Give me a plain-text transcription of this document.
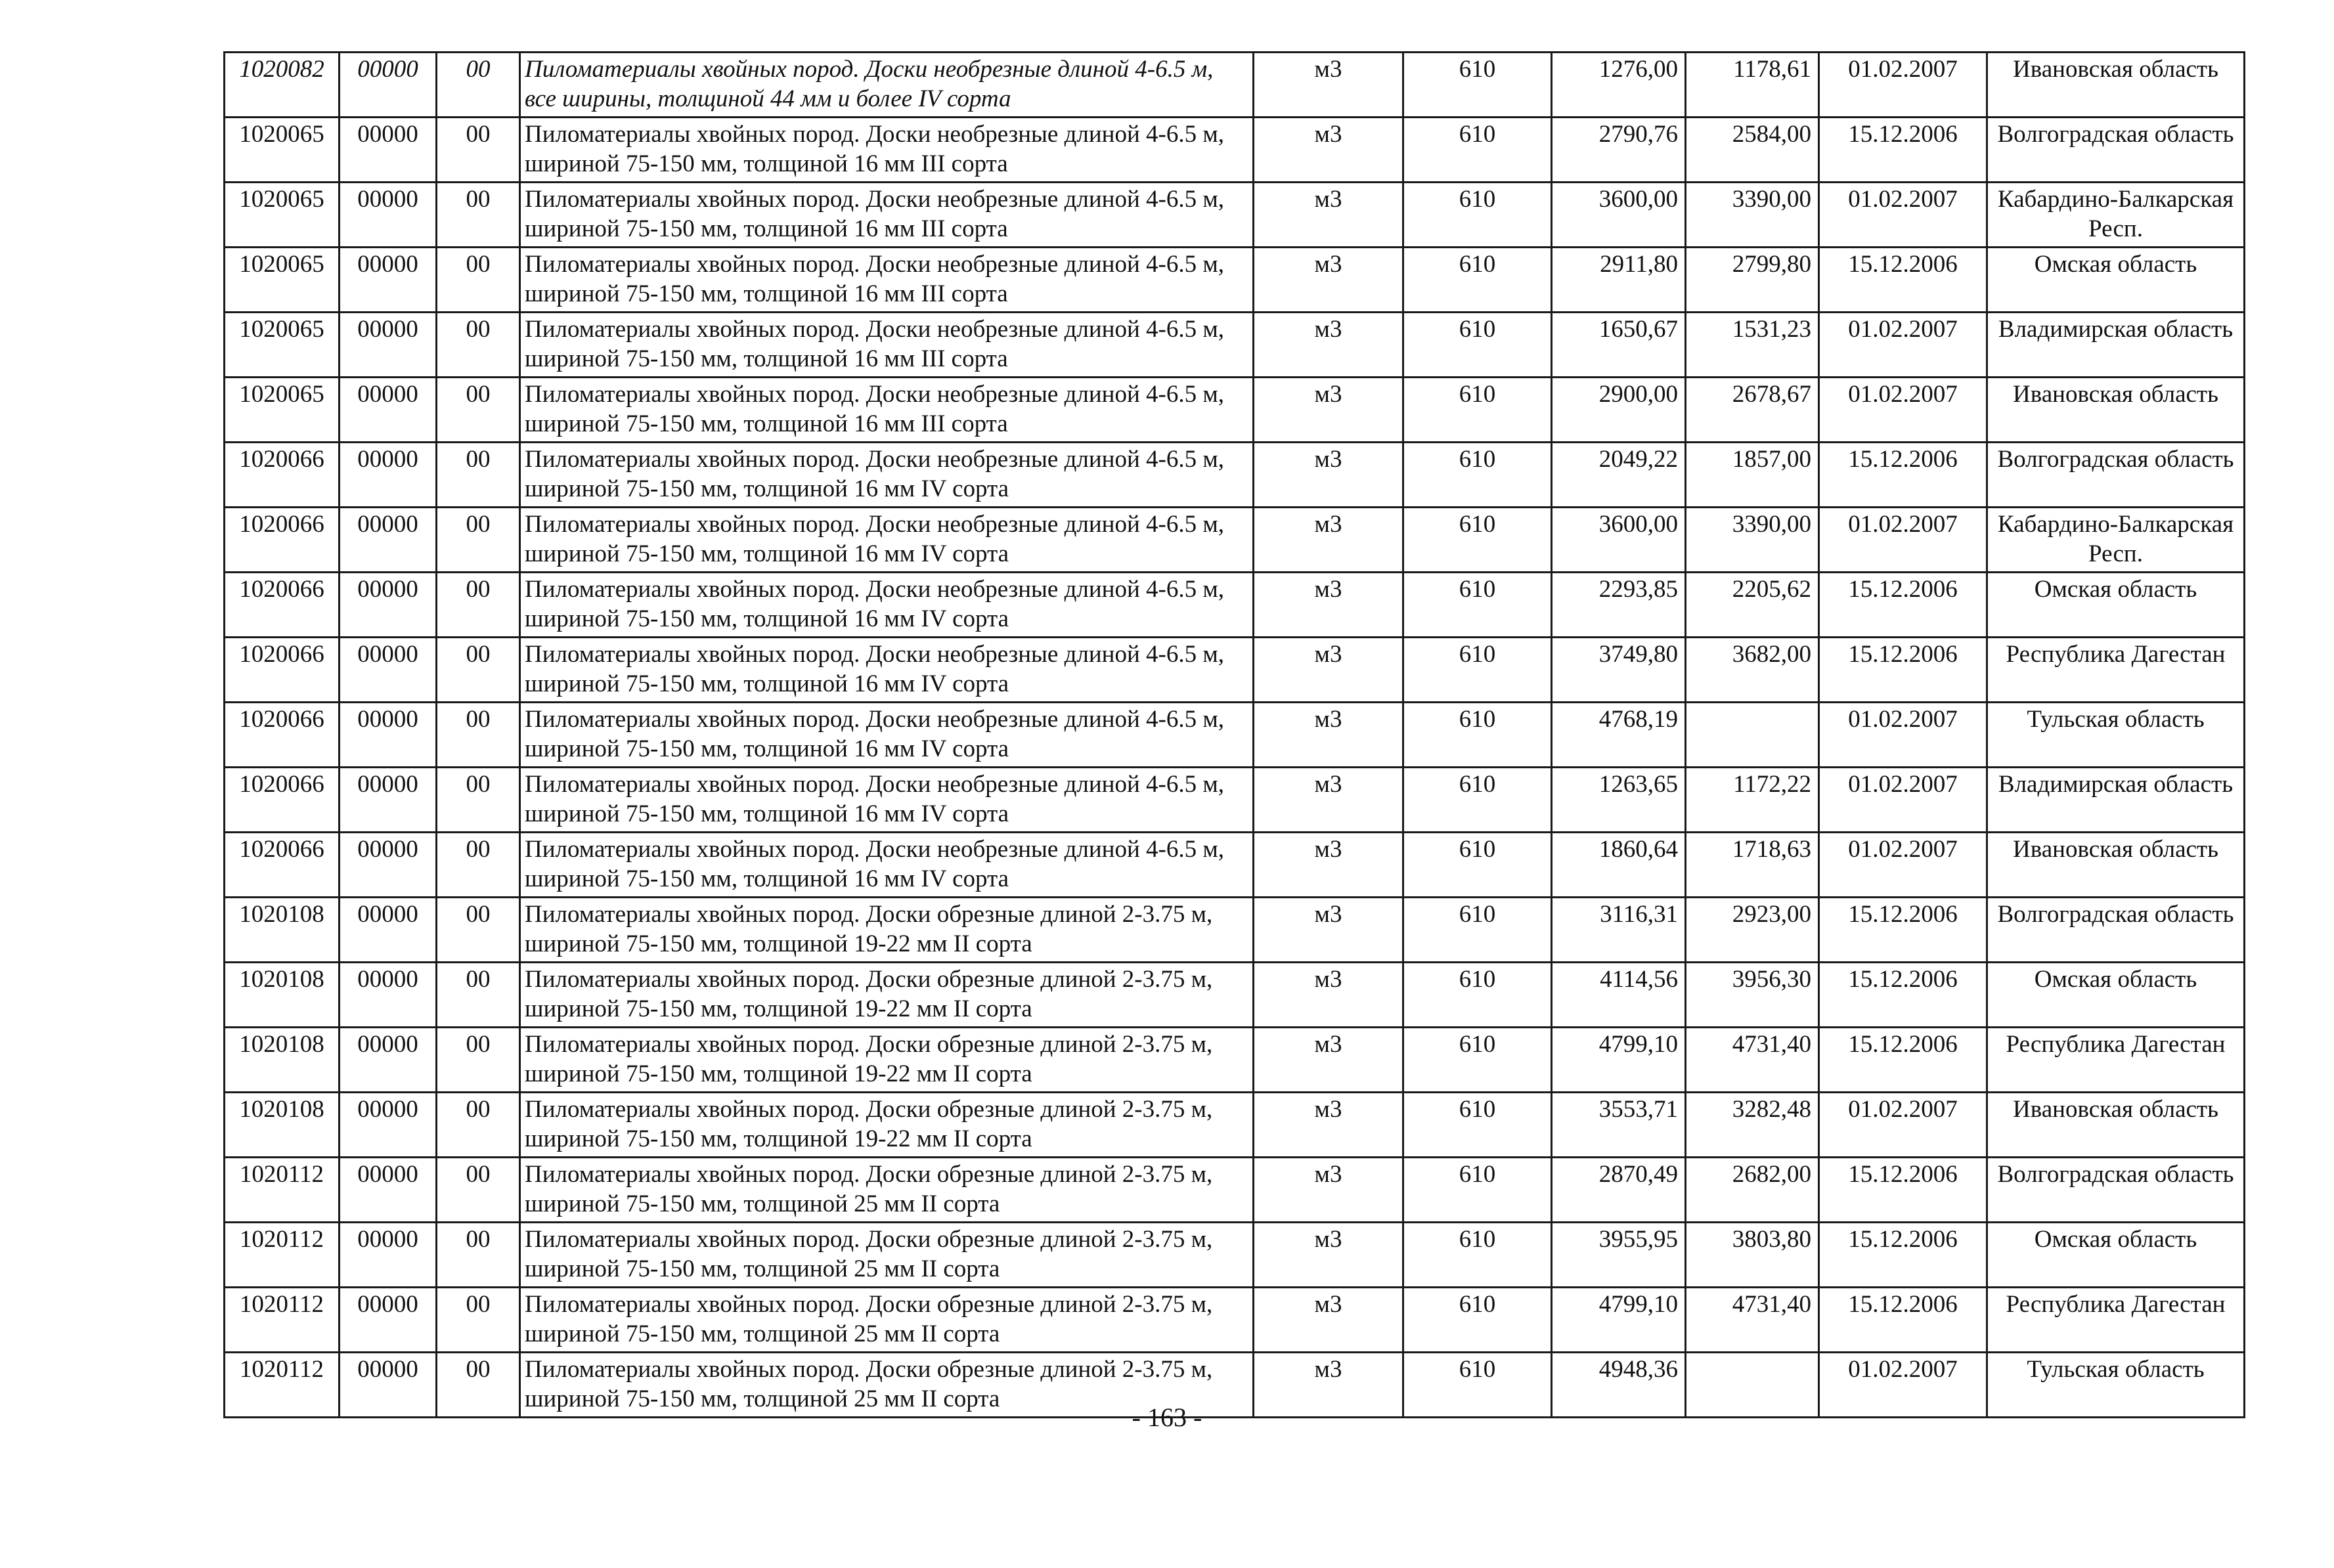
1020082	00000	00	Пиломатериалы хвойных пород. Доски необрезные длиной 4-6.5 м, все ширины, толщиной 44 мм и более IV сорта	м3	610	1276,00	1178,61	01.02.2007	Ивановская область
1020065	00000	00	Пиломатериалы хвойных пород. Доски необрезные длиной 4-6.5 м, шириной 75-150 мм, толщиной 16 мм III сорта	м3	610	2790,76	2584,00	15.12.2006	Волгоградская область
1020065	00000	00	Пиломатериалы хвойных пород. Доски необрезные длиной 4-6.5 м, шириной 75-150 мм, толщиной 16 мм III сорта	м3	610	3600,00	3390,00	01.02.2007	Кабардино-Балкарская Респ.
1020065	00000	00	Пиломатериалы хвойных пород. Доски необрезные длиной 4-6.5 м, шириной 75-150 мм, толщиной 16 мм III сорта	м3	610	2911,80	2799,80	15.12.2006	Омская область
1020065	00000	00	Пиломатериалы хвойных пород. Доски необрезные длиной 4-6.5 м, шириной 75-150 мм, толщиной 16 мм III сорта	м3	610	1650,67	1531,23	01.02.2007	Владимирская область
1020065	00000	00	Пиломатериалы хвойных пород. Доски необрезные длиной 4-6.5 м, шириной 75-150 мм, толщиной 16 мм III сорта	м3	610	2900,00	2678,67	01.02.2007	Ивановская область
1020066	00000	00	Пиломатериалы хвойных пород. Доски необрезные длиной 4-6.5 м, шириной 75-150 мм, толщиной 16 мм IV сорта	м3	610	2049,22	1857,00	15.12.2006	Волгоградская область
1020066	00000	00	Пиломатериалы хвойных пород. Доски необрезные длиной 4-6.5 м, шириной 75-150 мм, толщиной 16 мм IV сорта	м3	610	3600,00	3390,00	01.02.2007	Кабардино-Балкарская Респ.
1020066	00000	00	Пиломатериалы хвойных пород. Доски необрезные длиной 4-6.5 м, шириной 75-150 мм, толщиной 16 мм IV сорта	м3	610	2293,85	2205,62	15.12.2006	Омская область
1020066	00000	00	Пиломатериалы хвойных пород. Доски необрезные длиной 4-6.5 м, шириной 75-150 мм, толщиной 16 мм IV сорта	м3	610	3749,80	3682,00	15.12.2006	Республика Дагестан
1020066	00000	00	Пиломатериалы хвойных пород. Доски необрезные длиной 4-6.5 м, шириной 75-150 мм, толщиной 16 мм IV сорта	м3	610	4768,19		01.02.2007	Тульская область
1020066	00000	00	Пиломатериалы хвойных пород. Доски необрезные длиной 4-6.5 м, шириной 75-150 мм, толщиной 16 мм IV сорта	м3	610	1263,65	1172,22	01.02.2007	Владимирская область
1020066	00000	00	Пиломатериалы хвойных пород. Доски необрезные длиной 4-6.5 м, шириной 75-150 мм, толщиной 16 мм IV сорта	м3	610	1860,64	1718,63	01.02.2007	Ивановская область
1020108	00000	00	Пиломатериалы хвойных пород. Доски обрезные длиной 2-3.75 м, шириной 75-150 мм, толщиной 19-22 мм II сорта	м3	610	3116,31	2923,00	15.12.2006	Волгоградская область
1020108	00000	00	Пиломатериалы хвойных пород. Доски обрезные длиной 2-3.75 м, шириной 75-150 мм, толщиной 19-22 мм II сорта	м3	610	4114,56	3956,30	15.12.2006	Омская область
1020108	00000	00	Пиломатериалы хвойных пород. Доски обрезные длиной 2-3.75 м, шириной 75-150 мм, толщиной 19-22 мм II сорта	м3	610	4799,10	4731,40	15.12.2006	Республика Дагестан
1020108	00000	00	Пиломатериалы хвойных пород. Доски обрезные длиной 2-3.75 м, шириной 75-150 мм, толщиной 19-22 мм II сорта	м3	610	3553,71	3282,48	01.02.2007	Ивановская область
1020112	00000	00	Пиломатериалы хвойных пород. Доски обрезные длиной 2-3.75 м, шириной 75-150 мм, толщиной 25 мм II сорта	м3	610	2870,49	2682,00	15.12.2006	Волгоградская область
1020112	00000	00	Пиломатериалы хвойных пород. Доски обрезные длиной 2-3.75 м, шириной 75-150 мм, толщиной 25 мм II сорта	м3	610	3955,95	3803,80	15.12.2006	Омская область
1020112	00000	00	Пиломатериалы хвойных пород. Доски обрезные длиной 2-3.75 м, шириной 75-150 мм, толщиной 25 мм II сорта	м3	610	4799,10	4731,40	15.12.2006	Республика Дагестан
1020112	00000	00	Пиломатериалы хвойных пород. Доски обрезные длиной 2-3.75 м, шириной 75-150 мм, толщиной 25 мм II сорта	м3	610	4948,36		01.02.2007	Тульская область
- 163 -
